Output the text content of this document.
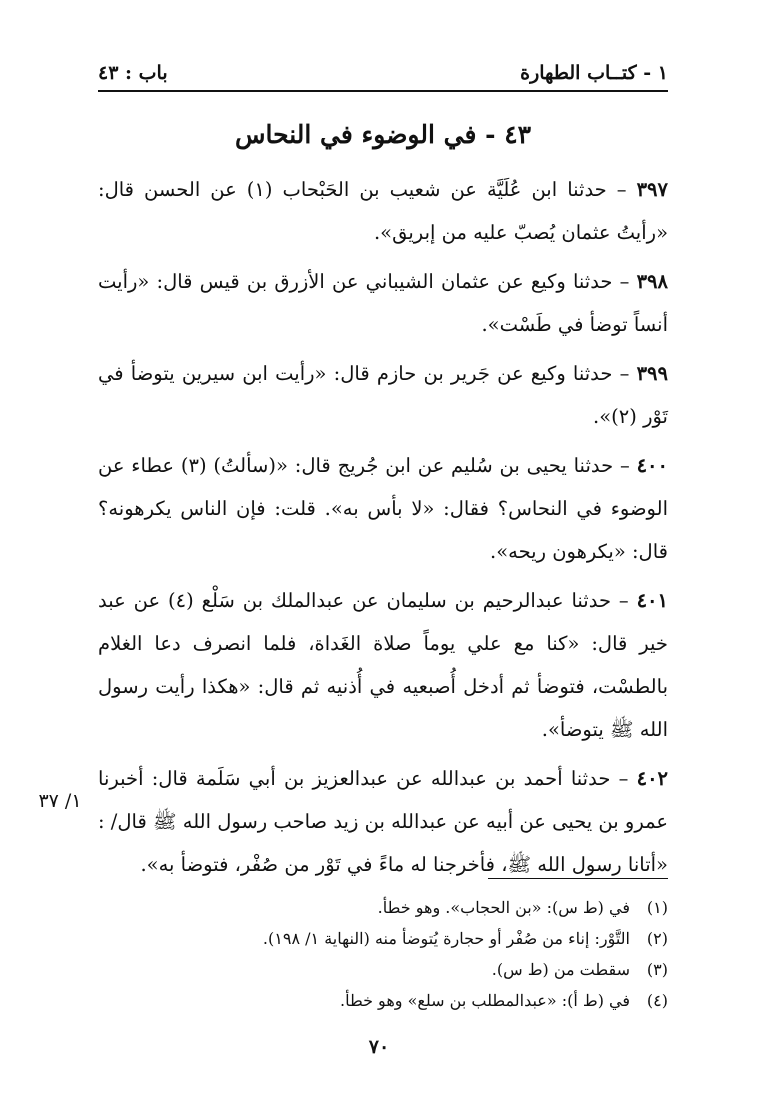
١ - كتــاب الطهارة
باب : ٤٣
٤٣ - في الوضوء في النحاس

٣٩٧ – حدثنا ابن عُلَيَّة عن شعيب بن الحَبْحاب (١) عن الحسن قال: «رأيتُ عثمان يُصبّ عليه من إبريق».

٣٩٨ – حدثنا وكيع عن عثمان الشيباني عن الأزرق بن قيس قال: «رأيت أنساً توضأ في طَسْت».

٣٩٩ – حدثنا وكيع عن جَرير بن حازم قال: «رأيت ابن سيرين يتوضأ في تَوْر (٢)».

٤٠٠ – حدثنا يحيى بن سُليم عن ابن جُريج قال: «(سألتُ) (٣) عطاء عن الوضوء في النحاس؟ فقال: «لا بأس به». قلت: فإن الناس يكرهونه؟ قال: «يكرهون ريحه».

٤٠١ – حدثنا عبدالرحيم بن سليمان عن عبدالملك بن سَلْع (٤) عن عبد خير قال: «كنا مع علي يوماً صلاة الغَداة، فلما انصرف دعا الغلام بالطسْت، فتوضأ ثم أدخل أُصبعيه في أُذنيه ثم قال: «هكذا رأيت رسول الله ﷺ يتوضأ».

٤٠٢ – حدثنا أحمد بن عبدالله عن عبدالعزيز بن أبي سَلَمة قال: أخبرنا عمرو بن يحيى عن أبيه عن عبدالله بن زيد صاحب رسول الله ﷺ قال/ : «أتانا رسول الله ﷺ، فأخرجنا له ماءً في تَوْر من صُفْر، فتوضأ به».

١/ ٣٧
(١)
في (ط س): «بن الحجاب». وهو خطأ.
(٢)
التَّوْر: إناء من صُفْر أو حجارة يُتوضأ منه (النهاية ١/ ١٩٨).
(٣)
سقطت من (ط س).
(٤)
في (ط أ): «عبدالمطلب بن سلع» وهو خطأ.
٧٠
